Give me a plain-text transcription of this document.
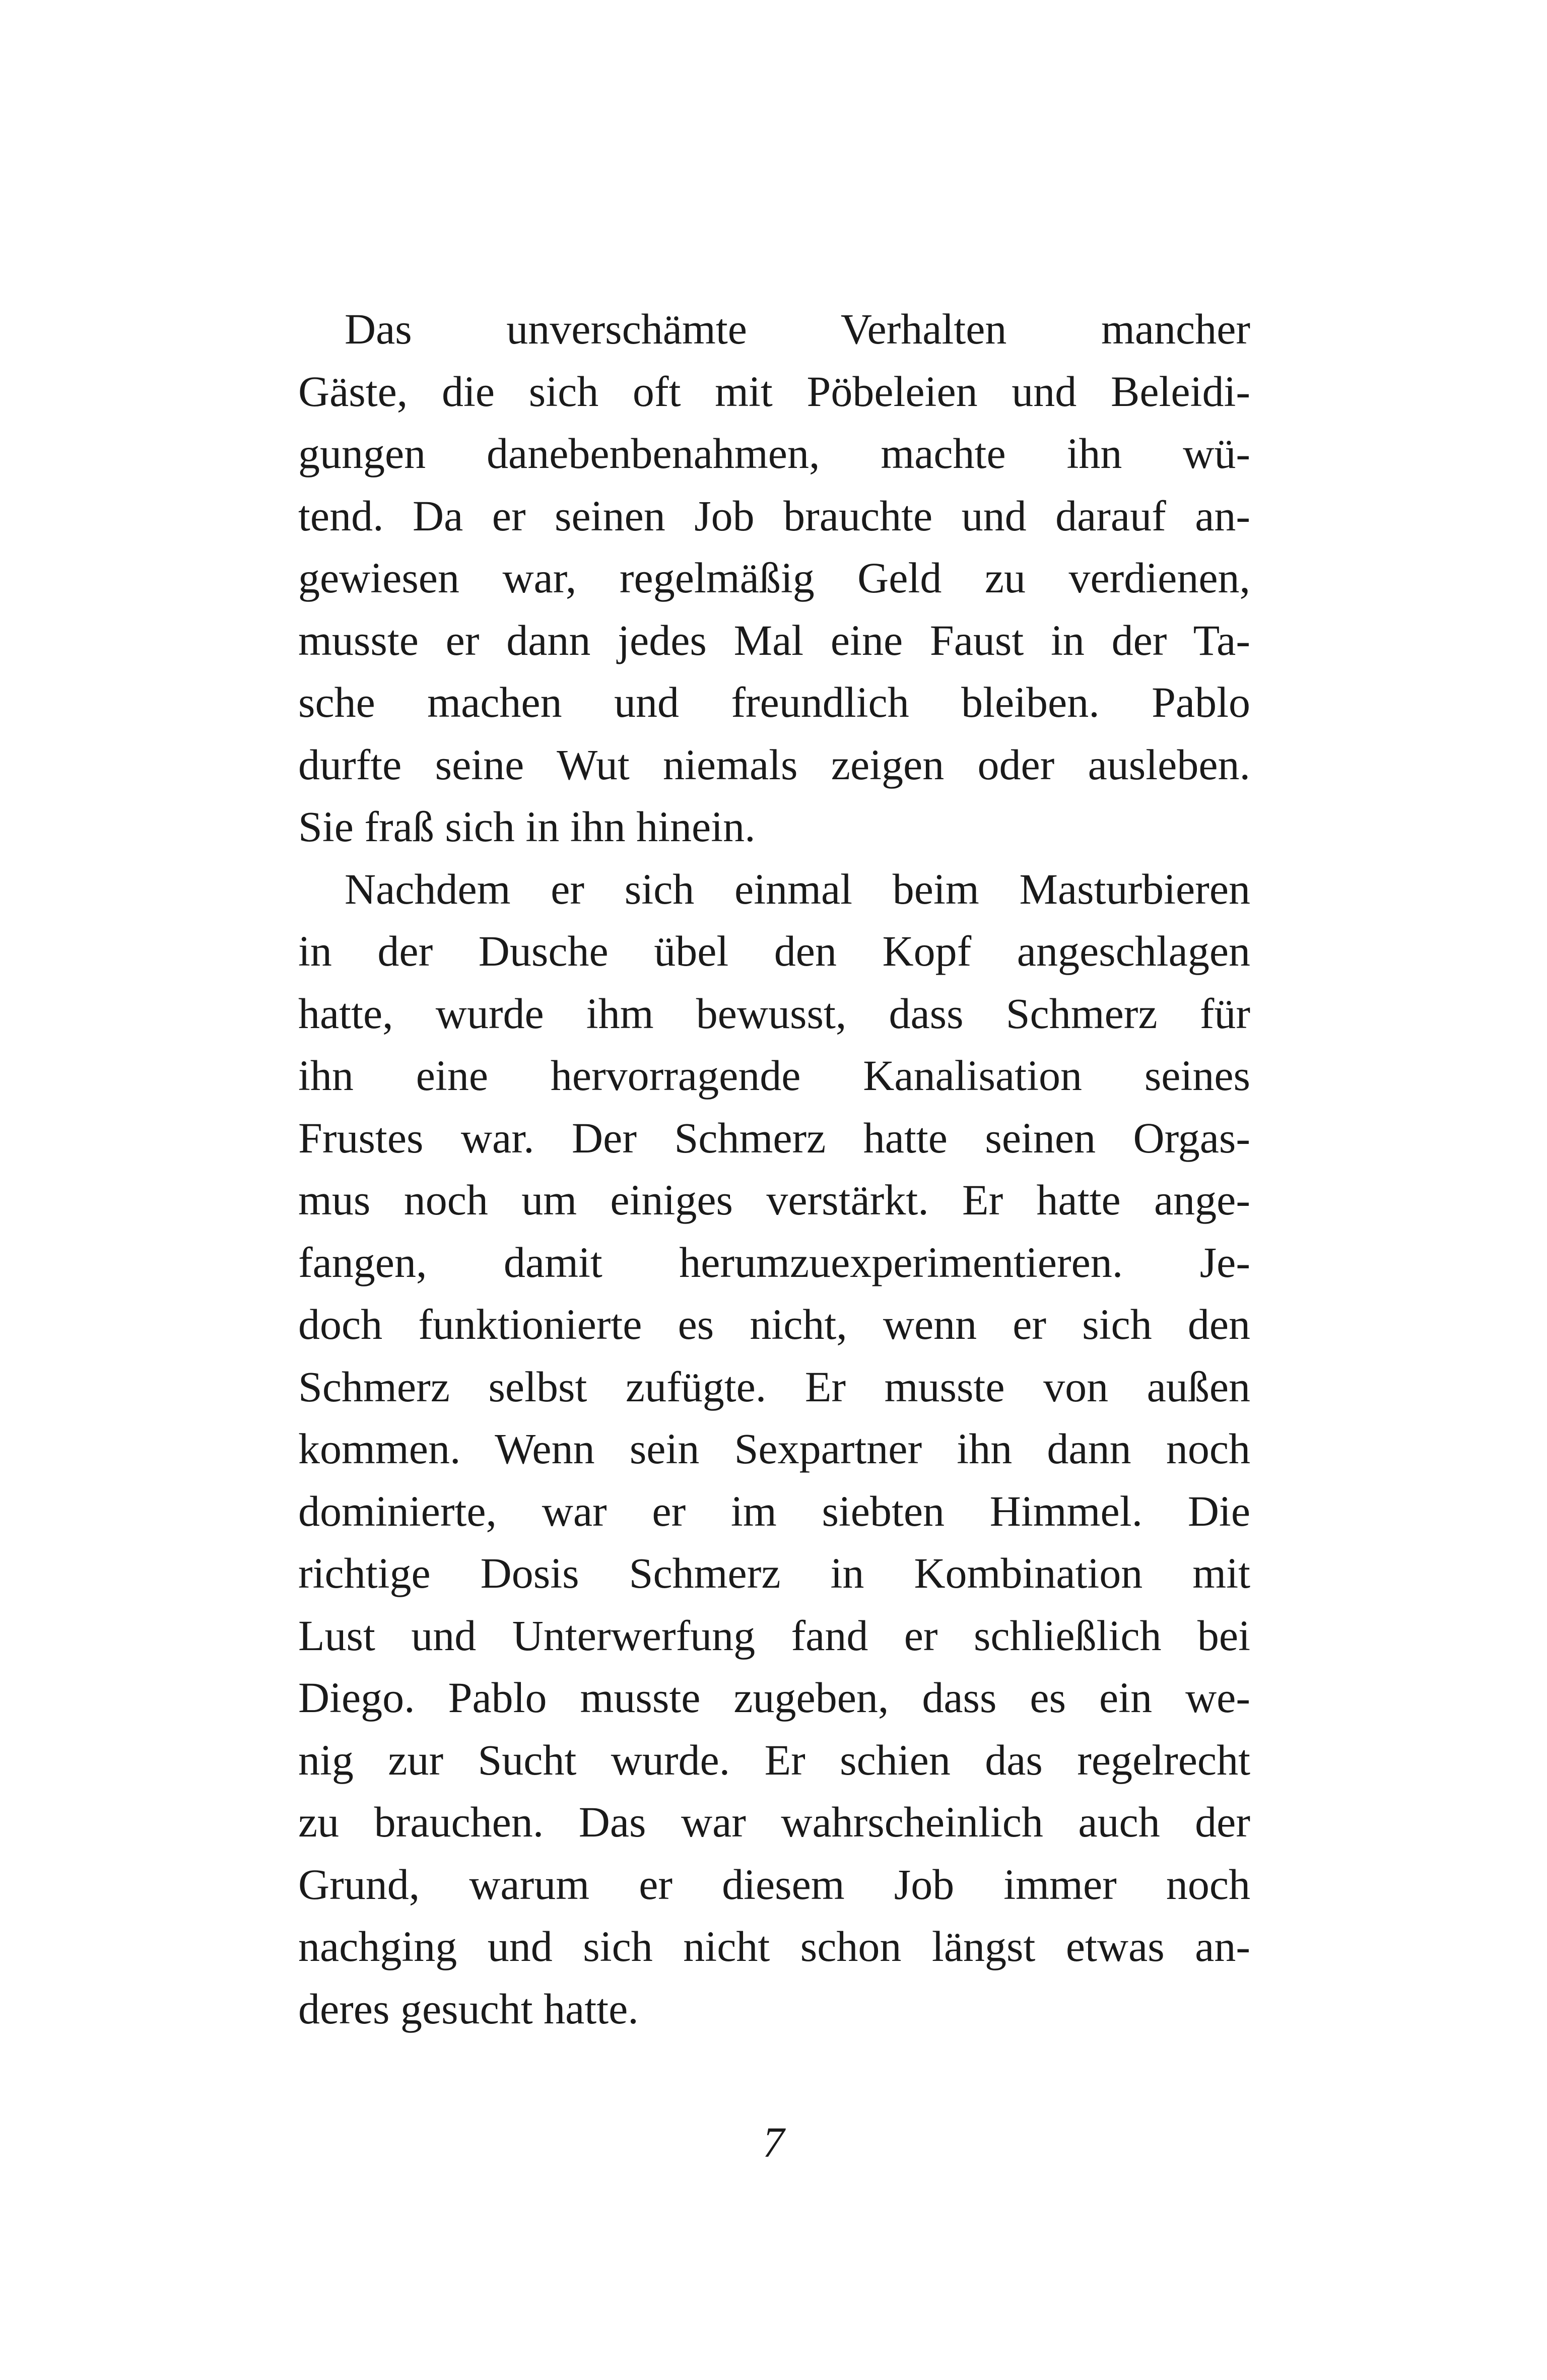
Das unverschämte Verhalten mancher
Gäste, die sich oft mit Pöbeleien und Beleidi-
gungen danebenbenahmen, machte ihn wü-
tend. Da er seinen Job brauchte und darauf an-
gewiesen war, regelmäßig Geld zu verdienen,
musste er dann jedes Mal eine Faust in der Ta-
sche machen und freundlich bleiben. Pablo
durfte seine Wut niemals zeigen oder ausleben.
Sie fraß sich in ihn hinein.
Nachdem er sich einmal beim Masturbieren
in der Dusche übel den Kopf angeschlagen
hatte, wurde ihm bewusst, dass Schmerz für
ihn eine hervorragende Kanalisation seines
Frustes war. Der Schmerz hatte seinen Orgas-
mus noch um einiges verstärkt. Er hatte ange-
fangen, damit herumzuexperimentieren. Je-
doch funktionierte es nicht, wenn er sich den
Schmerz selbst zufügte. Er musste von außen
kommen. Wenn sein Sexpartner ihn dann noch
dominierte, war er im siebten Himmel. Die
richtige Dosis Schmerz in Kombination mit
Lust und Unterwerfung fand er schließlich bei
Diego. Pablo musste zugeben, dass es ein we-
nig zur Sucht wurde. Er schien das regelrecht
zu brauchen. Das war wahrscheinlich auch der
Grund, warum er diesem Job immer noch
nachging und sich nicht schon längst etwas an-
deres gesucht hatte.
7
